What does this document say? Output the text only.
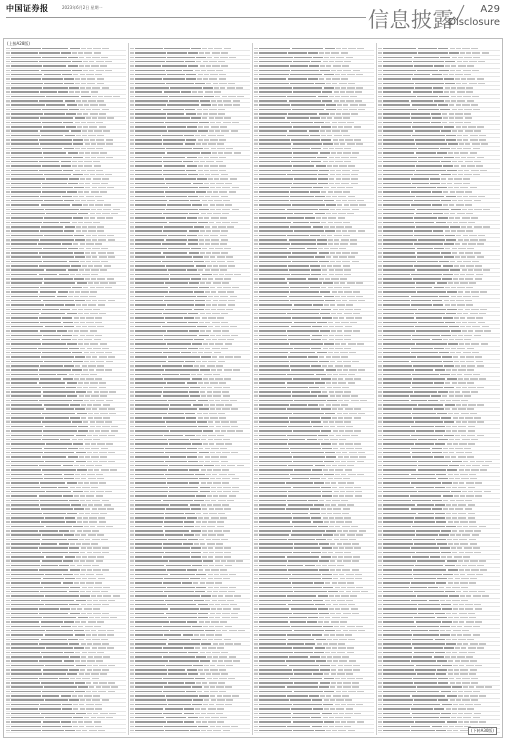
中国证券报	2023年6月2日 星期一
信息披露	A29
Disclosure
(上接A28版)
(下转A30版)
